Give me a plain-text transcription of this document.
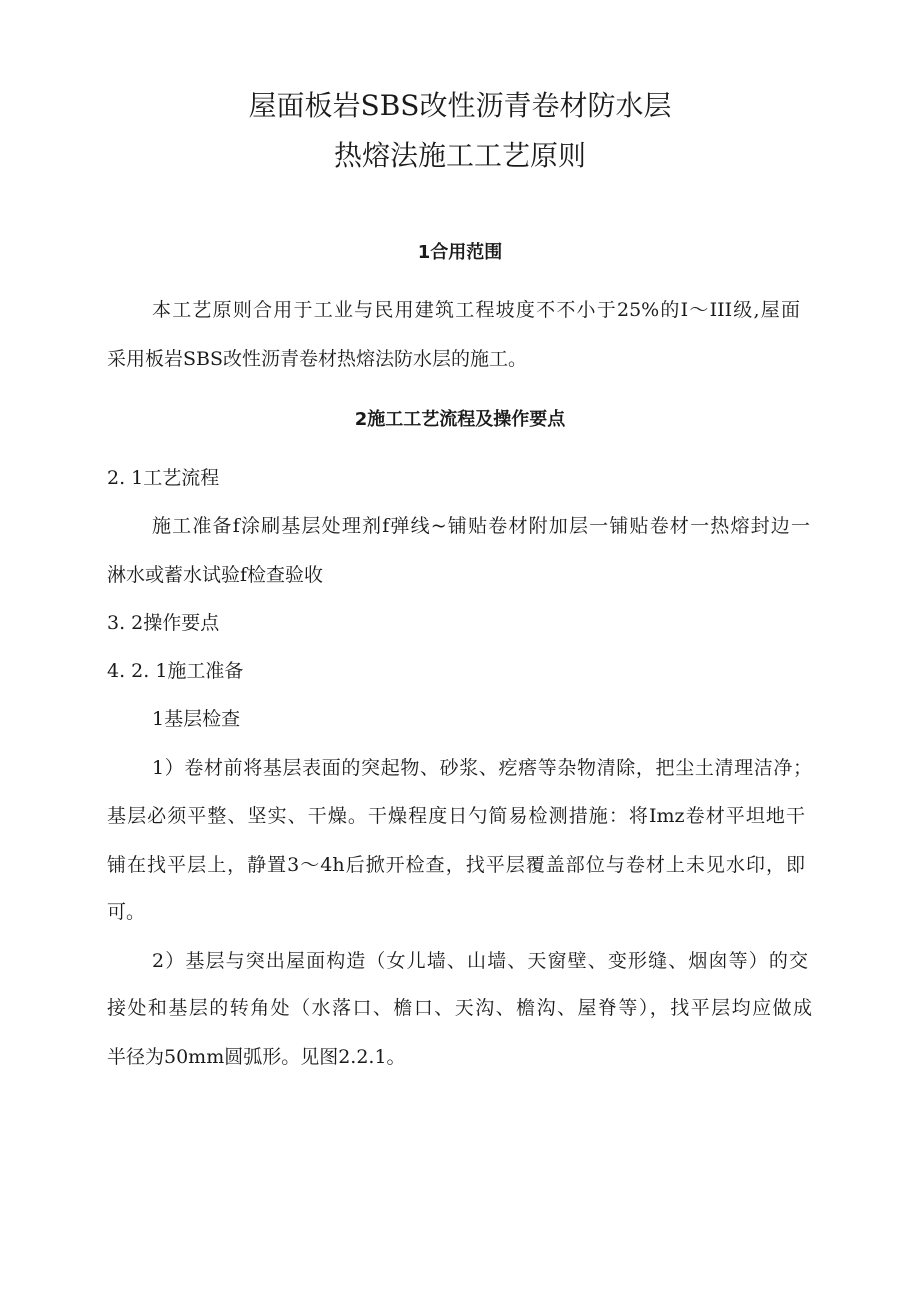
屋面板岩SBS改性沥青卷材防水层
热熔法施工工艺原则
1合用范围
本工艺原则合用于工业与民用建筑工程坡度不不小于25%的I～III级,屋面
采用板岩SBS改性沥青卷材热熔法防水层的施工。
2施工工艺流程及操作要点
2. 1工艺流程
施工准备f涂刷基层处理剂f弹线~铺贴卷材附加层一铺贴卷材一热熔封边一
淋水或蓄水试验f检查验收
3. 2操作要点
4. 2. 1施工准备
1基层检查
1）卷材前将基层表面的突起物、砂浆、疙瘩等杂物清除，把尘土清理洁净；
基层必须平整、坚实、干燥。干燥程度日勺简易检测措施：将Imz卷材平坦地干
铺在找平层上，静置3～4h后掀开检查，找平层覆盖部位与卷材上未见水印，即
可。
2）基层与突出屋面构造（女儿墙、山墙、天窗壁、变形缝、烟囱等）的交
接处和基层的转角处（水落口、檐口、天沟、檐沟、屋脊等），找平层均应做成
半径为50mm圆弧形。见图2.2.1。
